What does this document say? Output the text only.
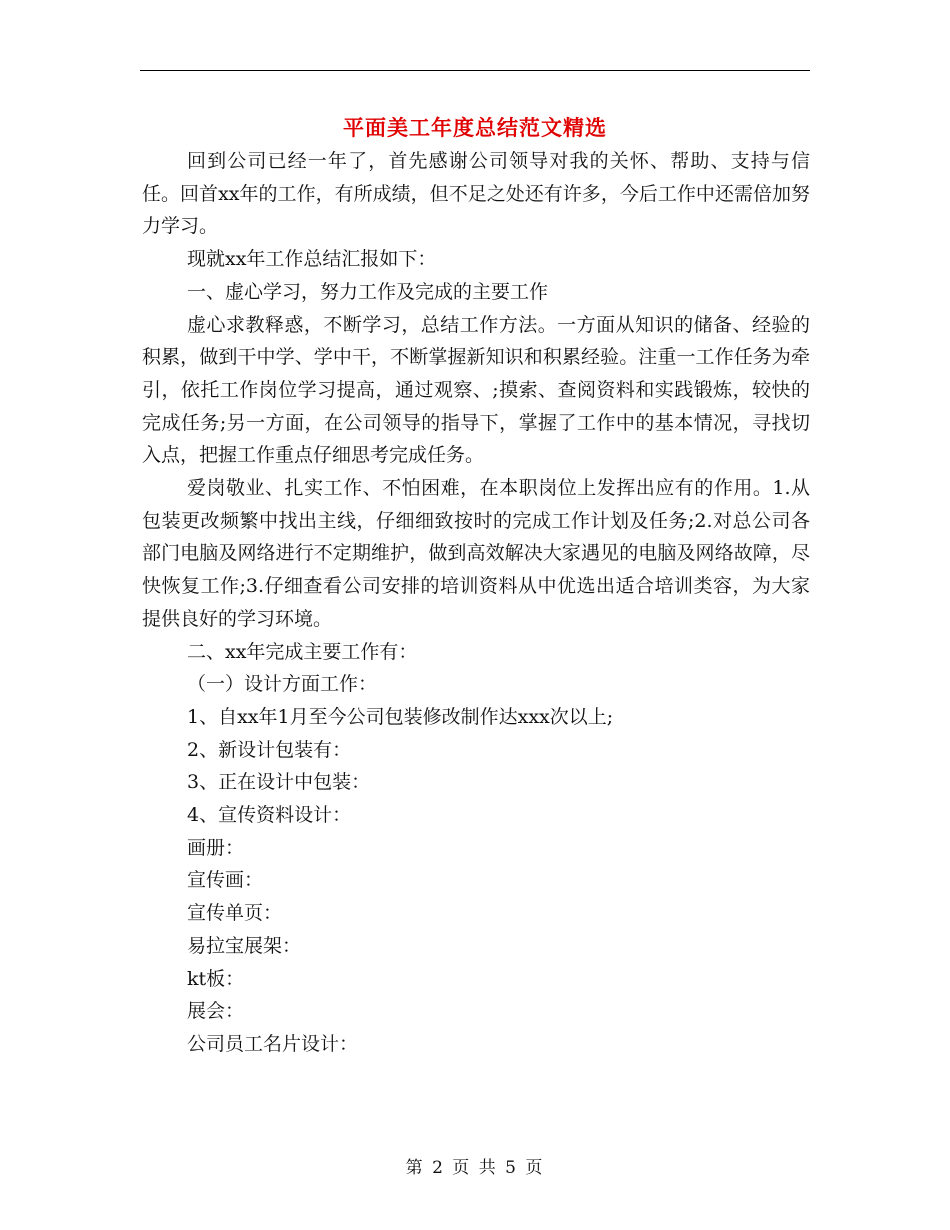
平面美工年度总结范文精选

回到公司已经一年了，首先感谢公司领导对我的关怀、帮助、支持与信任。回首xx年的工作，有所成绩，但不足之处还有许多，今后工作中还需倍加努力学习。

现就xx年工作总结汇报如下：

一、虚心学习，努力工作及完成的主要工作

虚心求教释惑，不断学习，总结工作方法。一方面从知识的储备、经验的积累，做到干中学、学中干，不断掌握新知识和积累经验。注重一工作任务为牵引，依托工作岗位学习提高，通过观察、;摸索、查阅资料和实践锻炼，较快的完成任务;另一方面，在公司领导的指导下，掌握了工作中的基本情况，寻找切入点，把握工作重点仔细思考完成任务。

爱岗敬业、扎实工作、不怕困难，在本职岗位上发挥出应有的作用。1.从包装更改频繁中找出主线，仔细细致按时的完成工作计划及任务;2.对总公司各部门电脑及网络进行不定期维护，做到高效解决大家遇见的电脑及网络故障，尽快恢复工作;3.仔细查看公司安排的培训资料从中优选出适合培训类容，为大家提供良好的学习环境。

二、xx年完成主要工作有：

（一）设计方面工作：

1、自xx年1月至今公司包装修改制作达xxx次以上;

2、新设计包装有：

3、正在设计中包装：

4、宣传资料设计：

画册：

宣传画：

宣传单页：

易拉宝展架：

kt板：

展会：

公司员工名片设计：

第 2 页 共 5 页
